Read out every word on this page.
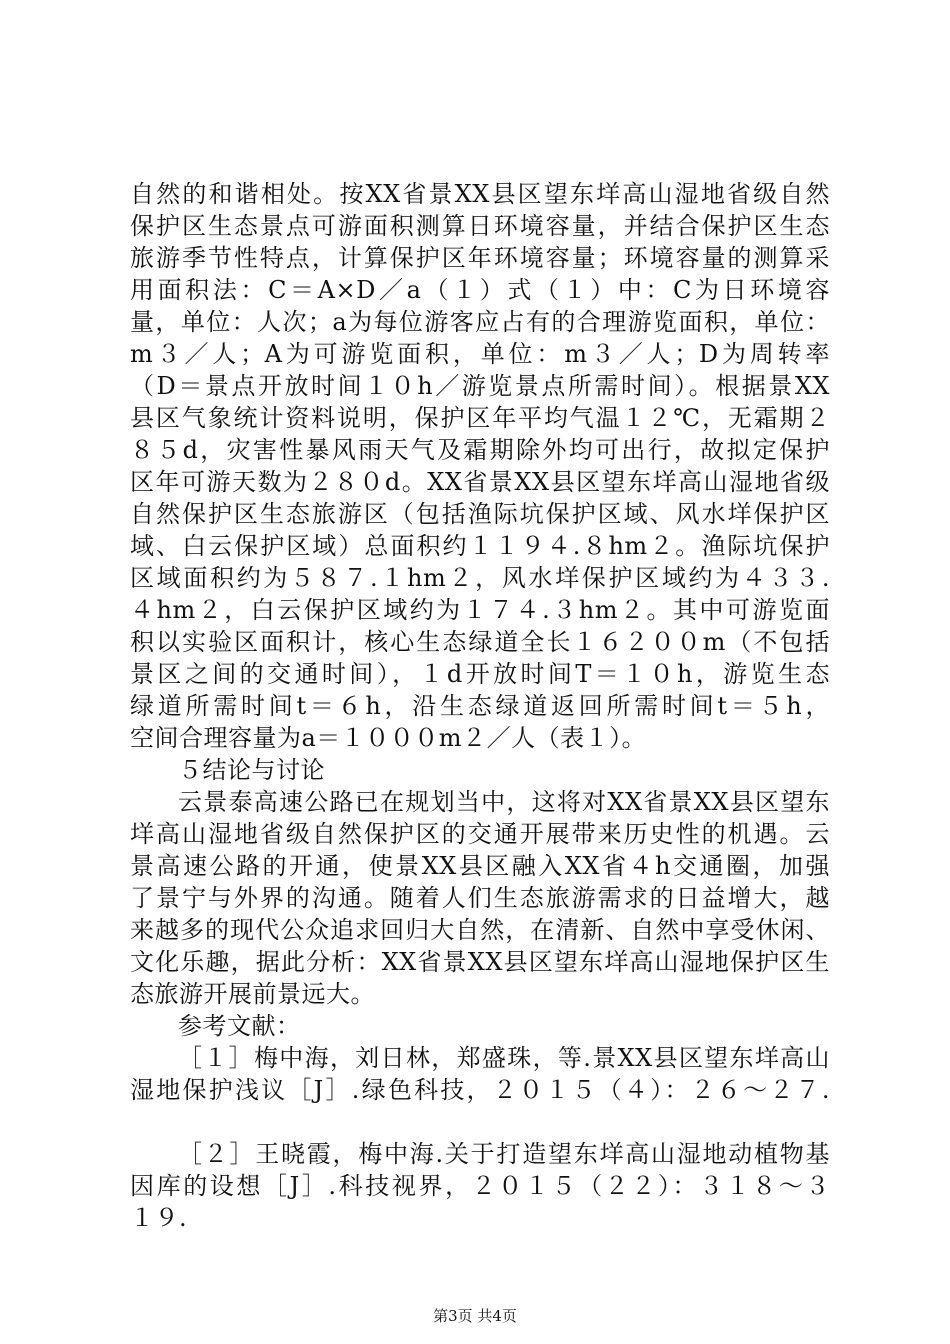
自然的和谐相处。按XX省景XX县区望东垟高山湿地省级自然
保护区生态景点可游面积测算日环境容量，并结合保护区生态
旅游季节性特点，计算保护区年环境容量；环境容量的测算采
用面积法：C＝A×D／a（１）式（１）中：C为日环境容
量，单位：人次；a为每位游客应占有的合理游览面积，单位：
m３／人；A为可游览面积，单位：m３／人；D为周转率
（D＝景点开放时间１０h／游览景点所需时间）。根据景XX
县区气象统计资料说明，保护区年平均气温１２℃，无霜期２
８５d，灾害性暴风雨天气及霜期除外均可出行，故拟定保护
区年可游天数为２８０d。XX省景XX县区望东垟高山湿地省级
自然保护区生态旅游区（包括渔际坑保护区域、风水垟保护区
域、白云保护区域）总面积约１１９４.８hm２。渔际坑保护
区域面积约为５８７.１hm２，风水垟保护区域约为４３３.
４hm２，白云保护区域约为１７４.３hm２。其中可游览面
积以实验区面积计，核心生态绿道全长１６２００m（不包括
景区之间的交通时间），１d开放时间T＝１０h，游览生态
绿道所需时间t＝６h，沿生态绿道返回所需时间t＝５h，
空间合理容量为a＝１０００m２／人（表１）。
５结论与讨论
云景泰高速公路已在规划当中，这将对XX省景XX县区望东
垟高山湿地省级自然保护区的交通开展带来历史性的机遇。云
景高速公路的开通，使景XX县区融入XX省４h交通圈，加强
了景宁与外界的沟通。随着人们生态旅游需求的日益增大，越
来越多的现代公众追求回归大自然，在清新、自然中享受休闲、
文化乐趣，据此分析：XX省景XX县区望东垟高山湿地保护区生
态旅游开展前景远大。
参考文献：
［１］梅中海，刘日林，郑盛珠，等.景XX县区望东垟高山
湿地保护浅议［J］.绿色科技，２０１５（４）：２６～２７.
［２］王晓霞，梅中海.关于打造望东垟高山湿地动植物基
因库的设想［J］.科技视界，２０１５（２２）：３１８～３
１９.
第3页 共4页
